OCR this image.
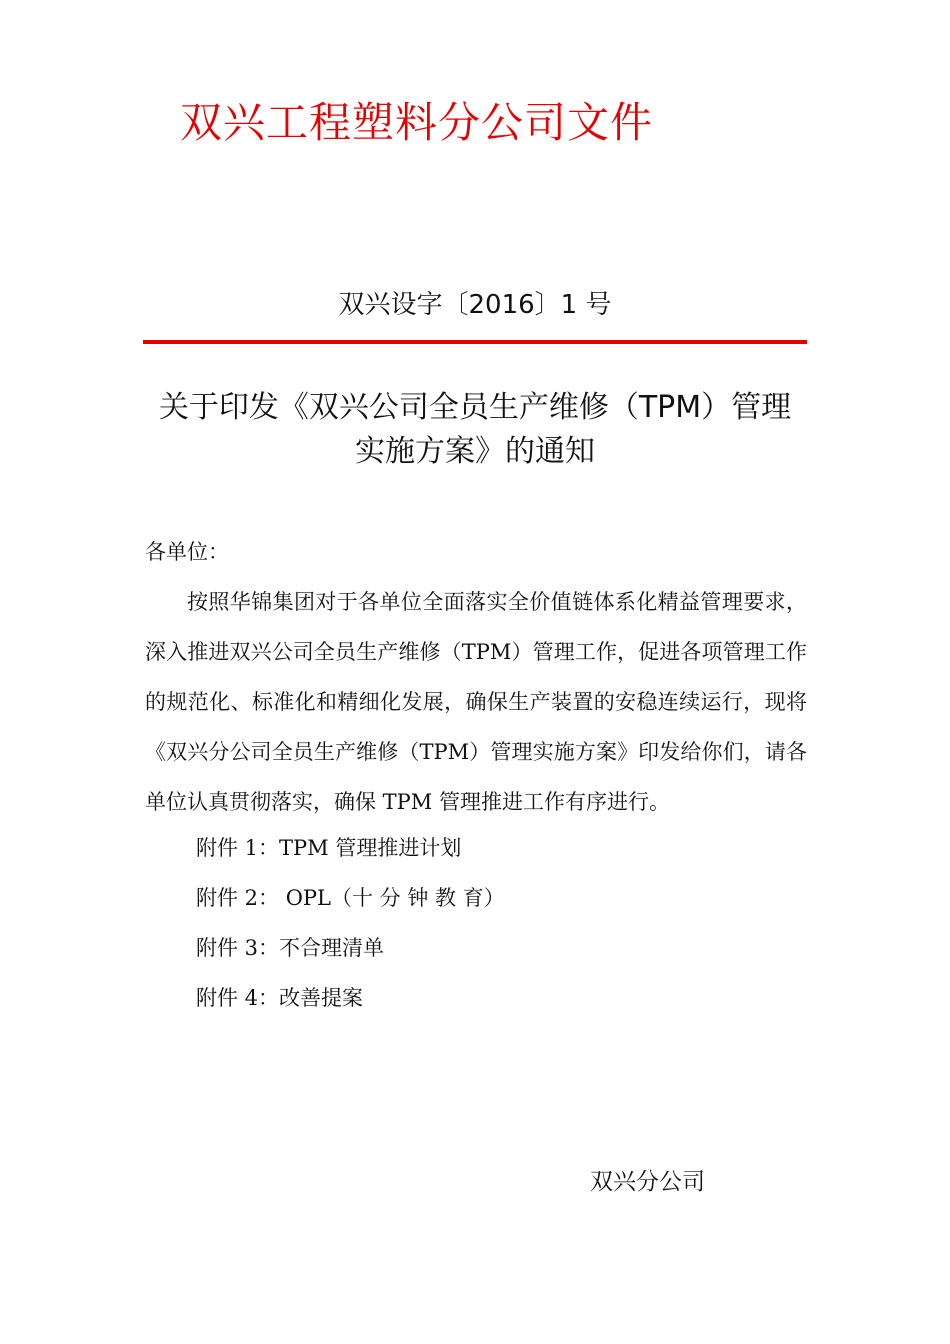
双兴工程塑料分公司文件
双兴设字〔2016〕1 号
关于印发《双兴公司全员生产维修（TPM）管理
实施方案》的通知
各单位：
按照华锦集团对于各单位全面落实全价值链体系化精益管理要求，深入推进双兴公司全员生产维修（TPM）管理工作，促进各项管理工作的规范化、标准化和精细化发展，确保生产装置的安稳连续运行，现将《双兴分公司全员生产维修（TPM）管理实施方案》印发给你们，请各单位认真贯彻落实，确保 TPM 管理推进工作有序进行。
附件 1：TPM 管理推进计划
附件 2： OPL（十 分 钟 教 育）
附件 3：不合理清单
附件 4：改善提案
双兴分公司
